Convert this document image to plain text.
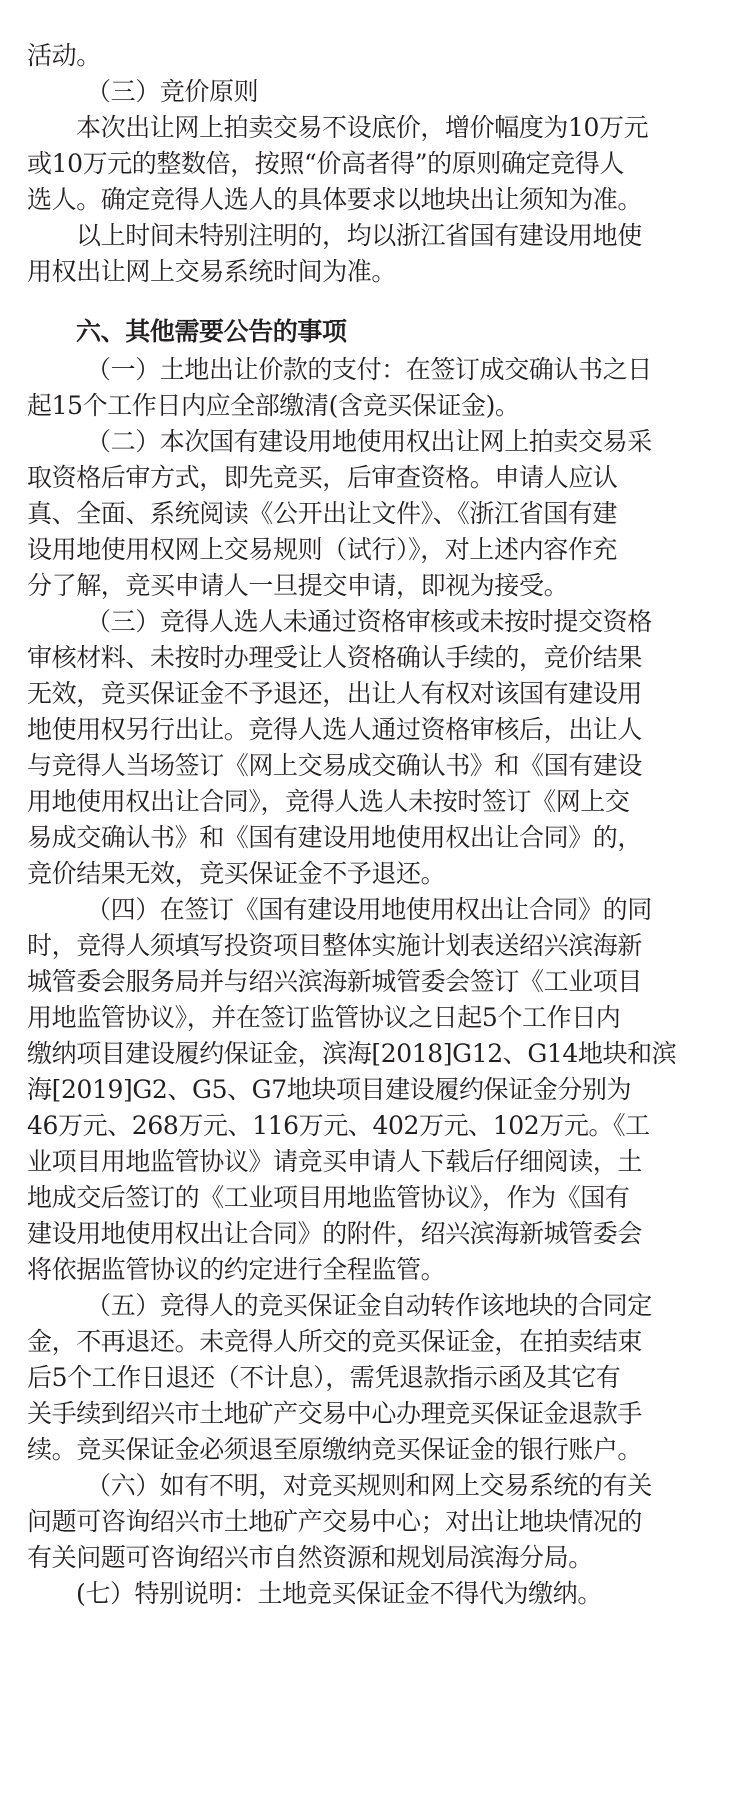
活动。
（三）竞价原则
本次出让网上拍卖交易不设底价，增价幅度为10万元
或10万元的整数倍，按照“价高者得”的原则确定竞得人
选人。确定竞得人选人的具体要求以地块出让须知为准。
以上时间未特别注明的，均以浙江省国有建设用地使
用权出让网上交易系统时间为准。
六、其他需要公告的事项
（一）土地出让价款的支付：在签订成交确认书之日
起15个工作日内应全部缴清(含竞买保证金)。
（二）本次国有建设用地使用权出让网上拍卖交易采
取资格后审方式，即先竞买，后审查资格。申请人应认
真、全面、系统阅读《公开出让文件》、《浙江省国有建
设用地使用权网上交易规则（试行）》，对上述内容作充
分了解，竞买申请人一旦提交申请，即视为接受。
（三）竞得人选人未通过资格审核或未按时提交资格
审核材料、未按时办理受让人资格确认手续的，竞价结果
无效，竞买保证金不予退还，出让人有权对该国有建设用
地使用权另行出让。竞得人选人通过资格审核后，出让人
与竞得人当场签订《网上交易成交确认书》和《国有建设
用地使用权出让合同》，竞得人选人未按时签订《网上交
易成交确认书》和《国有建设用地使用权出让合同》的，
竞价结果无效，竞买保证金不予退还。
（四）在签订《国有建设用地使用权出让合同》的同
时，竞得人须填写投资项目整体实施计划表送绍兴滨海新
城管委会服务局并与绍兴滨海新城管委会签订《工业项目
用地监管协议》，并在签订监管协议之日起5个工作日内
缴纳项目建设履约保证金，滨海[2018]G12、G14地块和滨
海[2019]G2、G5、G7地块项目建设履约保证金分别为
46万元、268万元、116万元、402万元、102万元。《工
业项目用地监管协议》请竞买申请人下载后仔细阅读，土
地成交后签订的《工业项目用地监管协议》，作为《国有
建设用地使用权出让合同》的附件，绍兴滨海新城管委会
将依据监管协议的约定进行全程监管。
（五）竞得人的竞买保证金自动转作该地块的合同定
金，不再退还。未竞得人所交的竞买保证金，在拍卖结束
后5个工作日退还（不计息），需凭退款指示函及其它有
关手续到绍兴市土地矿产交易中心办理竞买保证金退款手
续。竞买保证金必须退至原缴纳竞买保证金的银行账户。
（六）如有不明，对竞买规则和网上交易系统的有关
问题可咨询绍兴市土地矿产交易中心；对出让地块情况的
有关问题可咨询绍兴市自然资源和规划局滨海分局。
(七）特别说明：土地竞买保证金不得代为缴纳。
